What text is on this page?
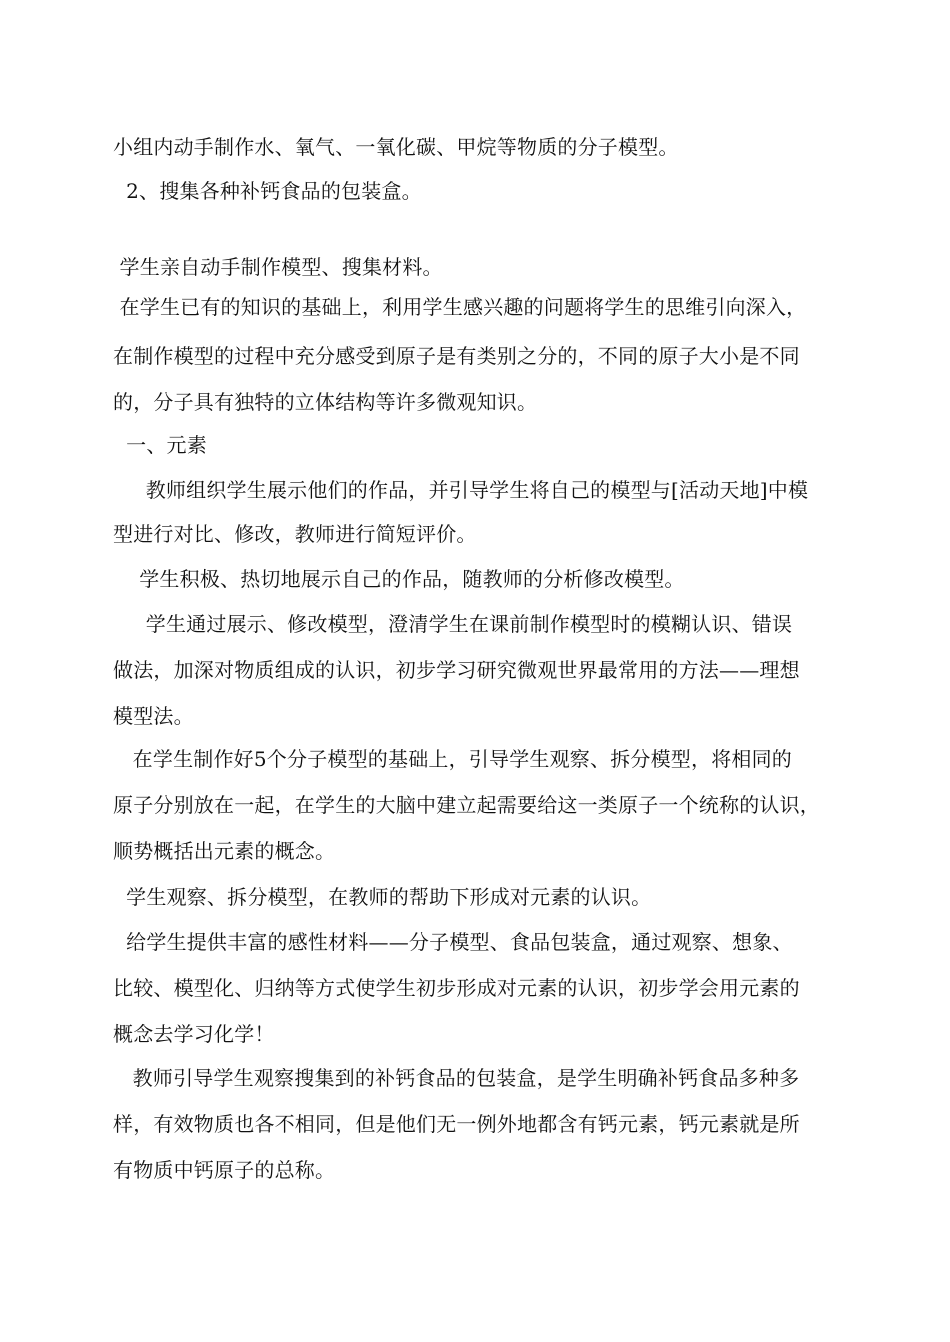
小组内动手制作水、氧气、一氧化碳、甲烷等物质的分子模型。
2、搜集各种补钙食品的包装盒。
学生亲自动手制作模型、搜集材料。
在学生已有的知识的基础上，利用学生感兴趣的问题将学生的思维引向深入，
在制作模型的过程中充分感受到原子是有类别之分的，不同的原子大小是不同
的，分子具有独特的立体结构等许多微观知识。
一、元素
教师组织学生展示他们的作品，并引导学生将自己的模型与[活动天地]中模
型进行对比、修改，教师进行简短评价。
学生积极、热切地展示自己的作品，随教师的分析修改模型。
学生通过展示、修改模型，澄清学生在课前制作模型时的模糊认识、错误
做法，加深对物质组成的认识，初步学习研究微观世界最常用的方法——理想
模型法。
在学生制作好5个分子模型的基础上，引导学生观察、拆分模型，将相同的
原子分别放在一起，在学生的大脑中建立起需要给这一类原子一个统称的认识，
顺势概括出元素的概念。
学生观察、拆分模型，在教师的帮助下形成对元素的认识。
给学生提供丰富的感性材料——分子模型、食品包装盒，通过观察、想象、
比较、模型化、归纳等方式使学生初步形成对元素的认识，初步学会用元素的
概念去学习化学！
教师引导学生观察搜集到的补钙食品的包装盒，是学生明确补钙食品多种多
样，有效物质也各不相同，但是他们无一例外地都含有钙元素，钙元素就是所
有物质中钙原子的总称。
